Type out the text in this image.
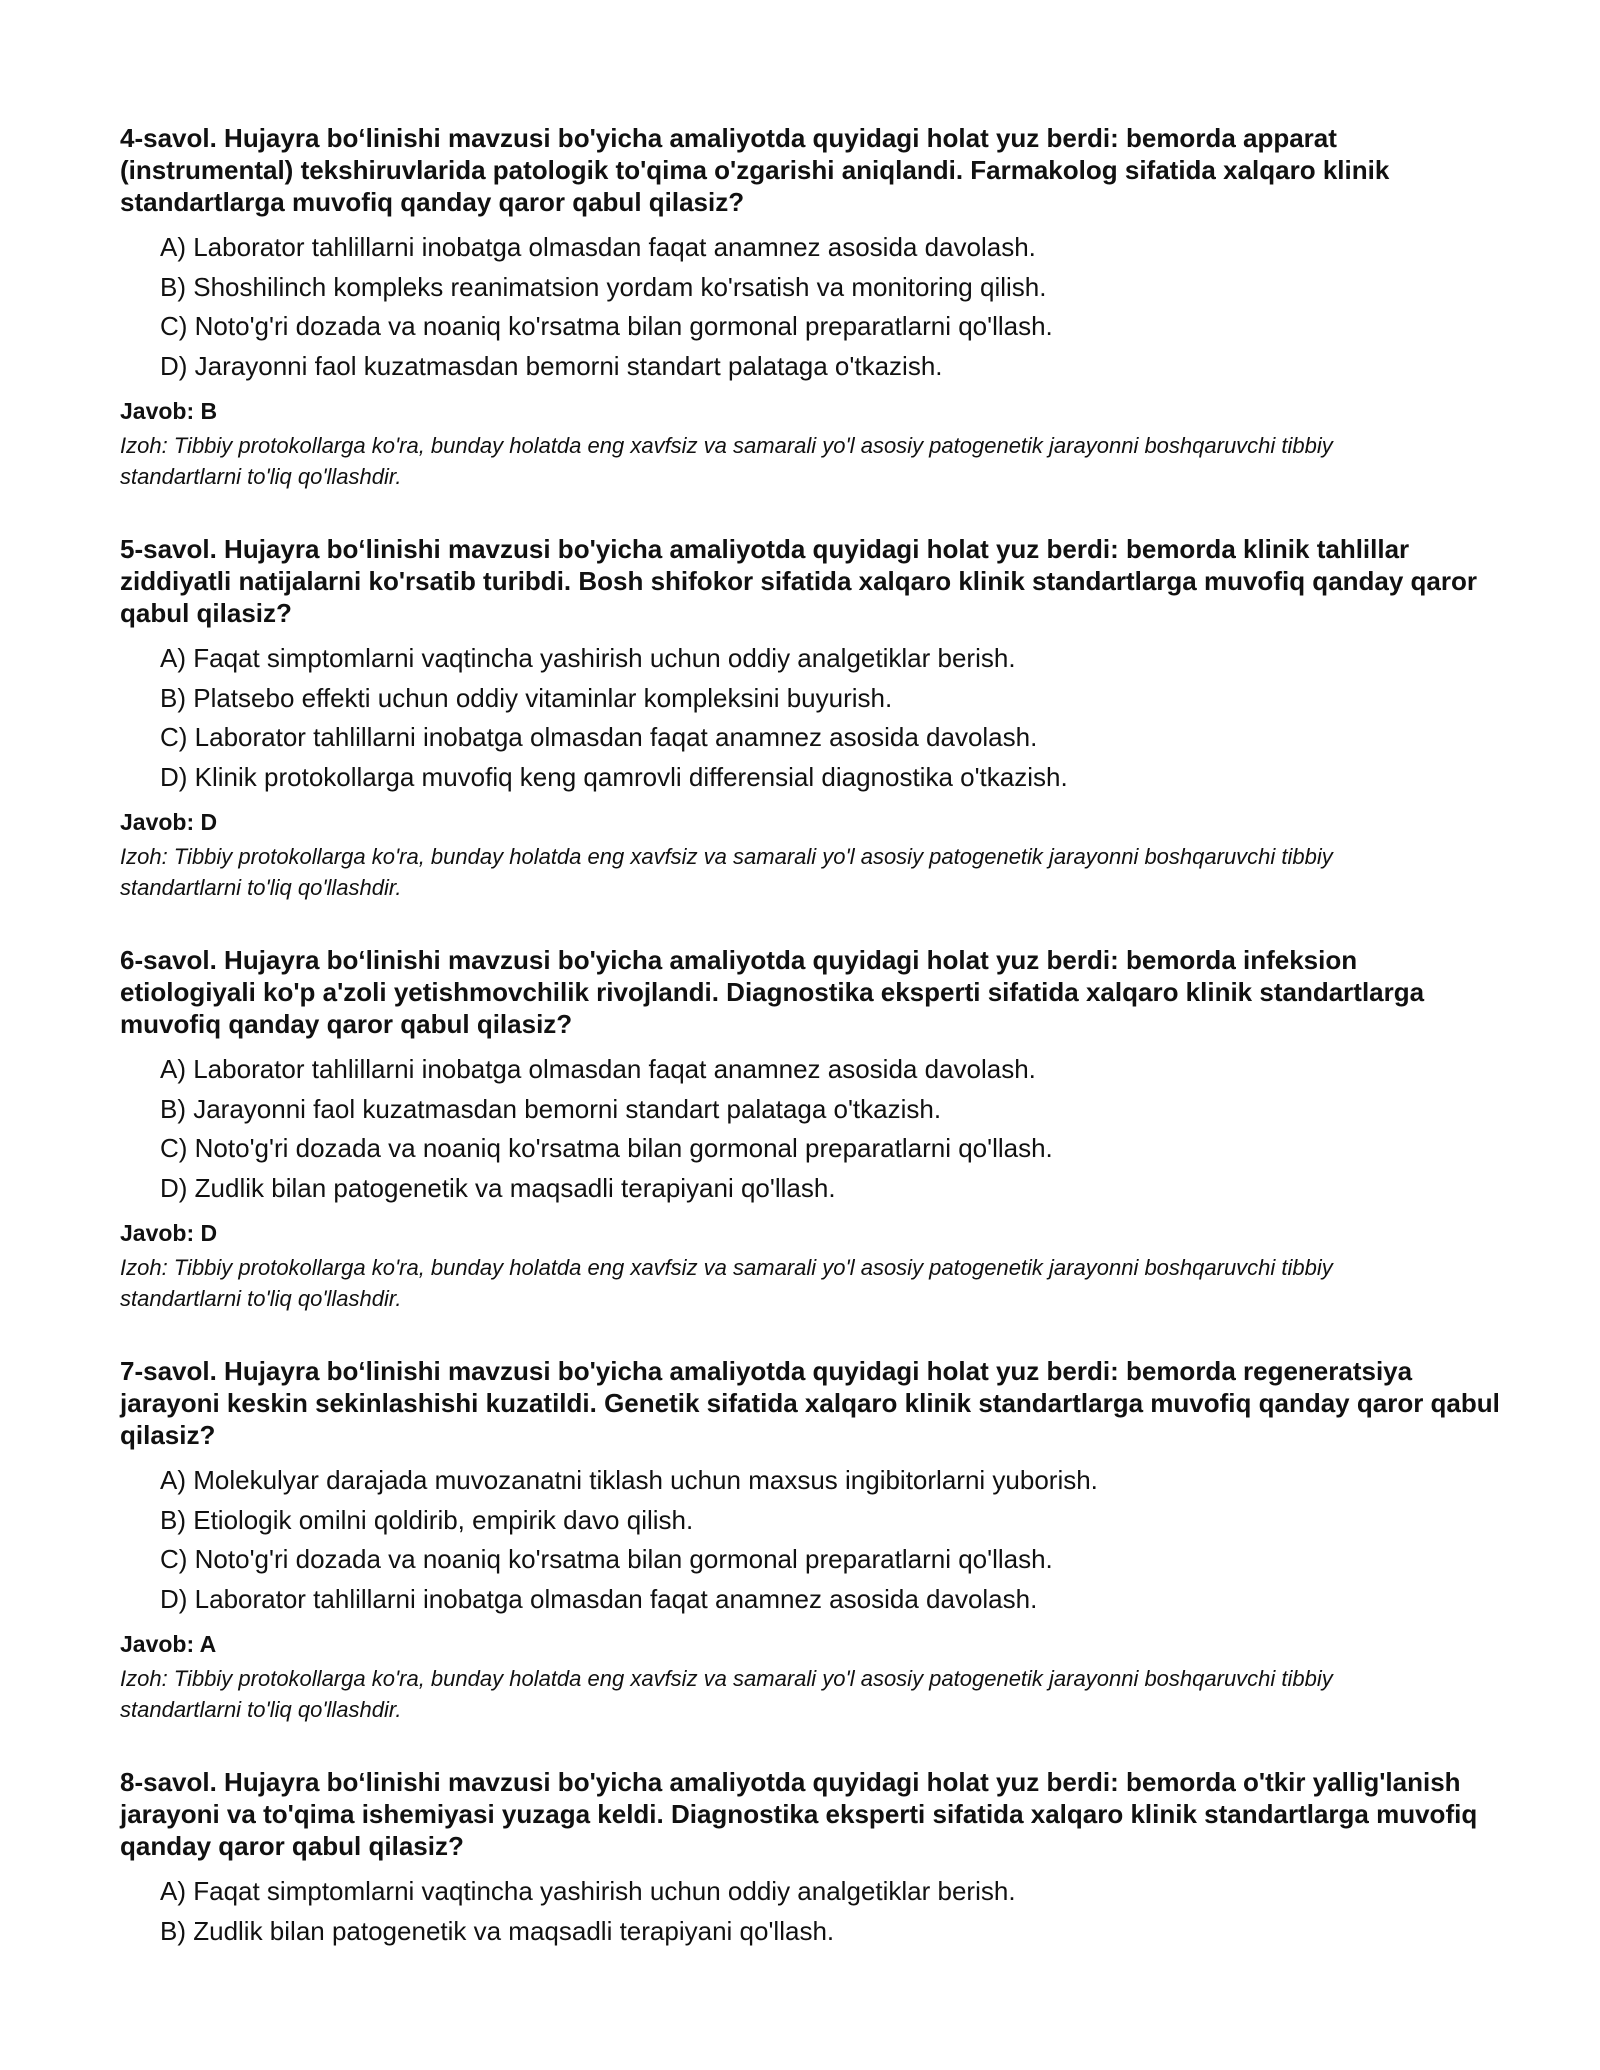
4-savol. Hujayra bo‘linishi mavzusi bo'yicha amaliyotda quyidagi holat yuz berdi: bemorda apparat (instrumental) tekshiruvlarida patologik to'qima o'zgarishi aniqlandi. Farmakolog sifatida xalqaro klinik standartlarga muvofiq qanday qaror qabul qilasiz?

A) Laborator tahlillarni inobatga olmasdan faqat anamnez asosida davolash.
B) Shoshilinch kompleks reanimatsion yordam ko'rsatish va monitoring qilish.
C) Noto'g'ri dozada va noaniq ko'rsatma bilan gormonal preparatlarni qo'llash.
D) Jarayonni faol kuzatmasdan bemorni standart palataga o'tkazish.

Javob: B

Izoh: Tibbiy protokollarga ko'ra, bunday holatda eng xavfsiz va samarali yo'l asosiy patogenetik jarayonni boshqaruvchi tibbiy standartlarni to'liq qo'llashdir.

5-savol. Hujayra bo‘linishi mavzusi bo'yicha amaliyotda quyidagi holat yuz berdi: bemorda klinik tahlillar ziddiyatli natijalarni ko'rsatib turibdi. Bosh shifokor sifatida xalqaro klinik standartlarga muvofiq qanday qaror qabul qilasiz?

A) Faqat simptomlarni vaqtincha yashirish uchun oddiy analgetiklar berish.
B) Platsebo effekti uchun oddiy vitaminlar kompleksini buyurish.
C) Laborator tahlillarni inobatga olmasdan faqat anamnez asosida davolash.
D) Klinik protokollarga muvofiq keng qamrovli differensial diagnostika o'tkazish.

Javob: D

Izoh: Tibbiy protokollarga ko'ra, bunday holatda eng xavfsiz va samarali yo'l asosiy patogenetik jarayonni boshqaruvchi tibbiy standartlarni to'liq qo'llashdir.

6-savol. Hujayra bo‘linishi mavzusi bo'yicha amaliyotda quyidagi holat yuz berdi: bemorda infeksion etiologiyali ko'p a'zoli yetishmovchilik rivojlandi. Diagnostika eksperti sifatida xalqaro klinik standartlarga muvofiq qanday qaror qabul qilasiz?

A) Laborator tahlillarni inobatga olmasdan faqat anamnez asosida davolash.
B) Jarayonni faol kuzatmasdan bemorni standart palataga o'tkazish.
C) Noto'g'ri dozada va noaniq ko'rsatma bilan gormonal preparatlarni qo'llash.
D) Zudlik bilan patogenetik va maqsadli terapiyani qo'llash.

Javob: D

Izoh: Tibbiy protokollarga ko'ra, bunday holatda eng xavfsiz va samarali yo'l asosiy patogenetik jarayonni boshqaruvchi tibbiy standartlarni to'liq qo'llashdir.

7-savol. Hujayra bo‘linishi mavzusi bo'yicha amaliyotda quyidagi holat yuz berdi: bemorda regeneratsiya jarayoni keskin sekinlashishi kuzatildi. Genetik sifatida xalqaro klinik standartlarga muvofiq qanday qaror qabul qilasiz?

A) Molekulyar darajada muvozanatni tiklash uchun maxsus ingibitorlarni yuborish.
B) Etiologik omilni qoldirib, empirik davo qilish.
C) Noto'g'ri dozada va noaniq ko'rsatma bilan gormonal preparatlarni qo'llash.
D) Laborator tahlillarni inobatga olmasdan faqat anamnez asosida davolash.

Javob: A

Izoh: Tibbiy protokollarga ko'ra, bunday holatda eng xavfsiz va samarali yo'l asosiy patogenetik jarayonni boshqaruvchi tibbiy standartlarni to'liq qo'llashdir.

8-savol. Hujayra bo‘linishi mavzusi bo'yicha amaliyotda quyidagi holat yuz berdi: bemorda o'tkir yallig'lanish jarayoni va to'qima ishemiyasi yuzaga keldi. Diagnostika eksperti sifatida xalqaro klinik standartlarga muvofiq qanday qaror qabul qilasiz?

A) Faqat simptomlarni vaqtincha yashirish uchun oddiy analgetiklar berish.
B) Zudlik bilan patogenetik va maqsadli terapiyani qo'llash.
